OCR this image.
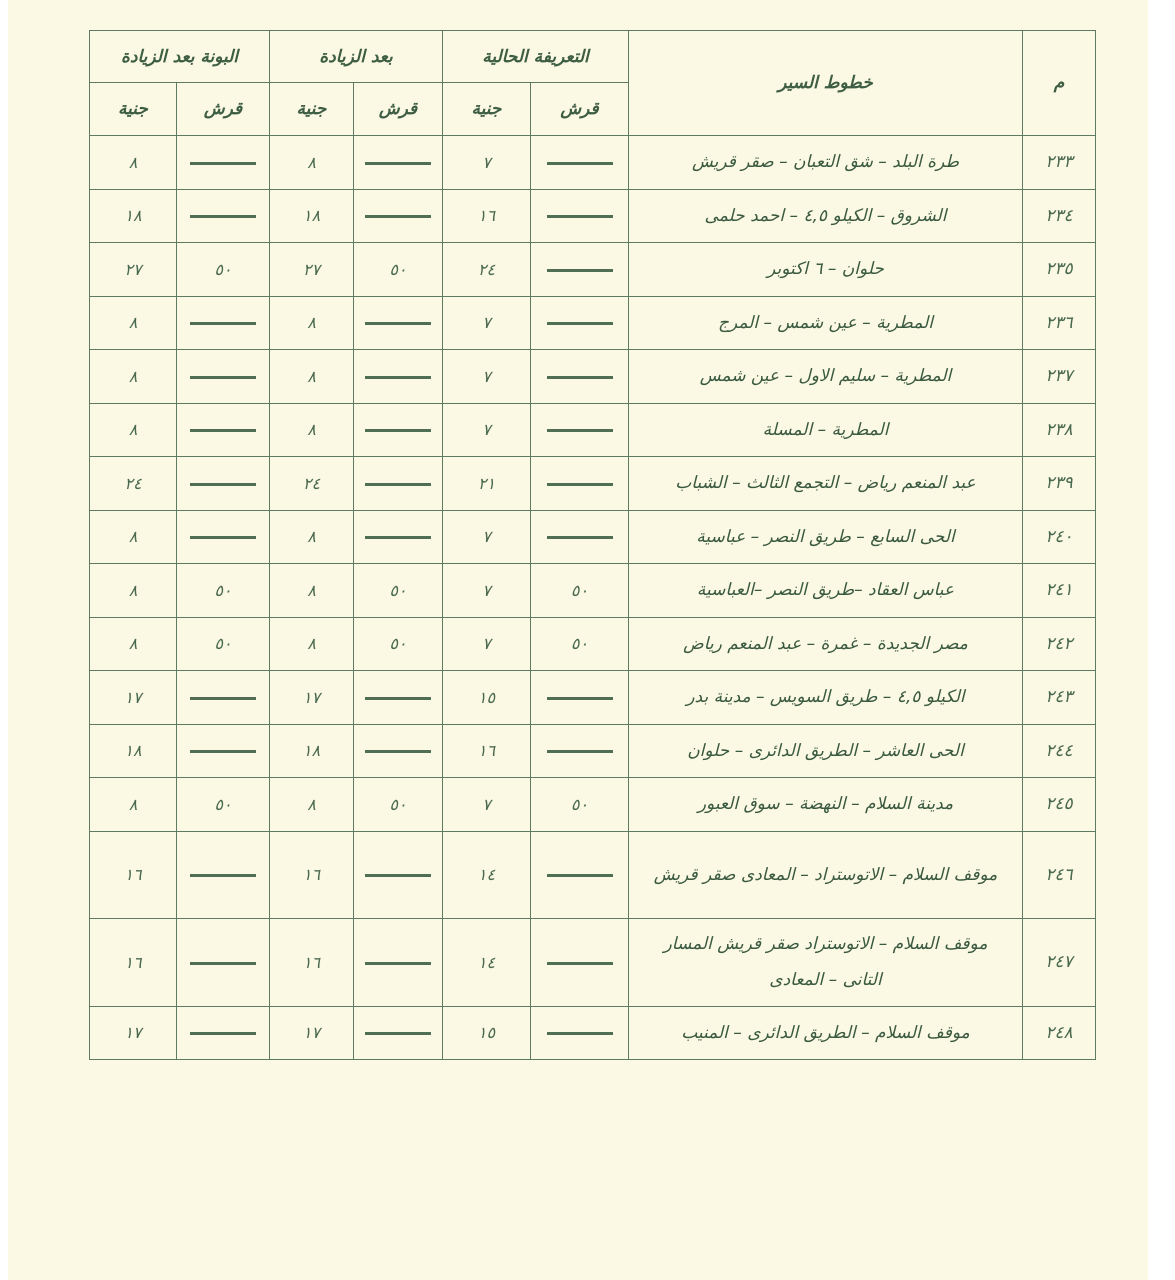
م	خطوط السير	التعريفة الحالية		بعد الزيادة		البونة بعد الزيادة	
		قرش	جنية	قرش	جنية	قرش	جنية
٢٣٣	طرة البلد – شق التعبان – صقر قريش		٧		٨		٨
٢٣٤	الشروق – الكيلو ٤,٥ – احمد حلمى		١٦		١٨		١٨
٢٣٥	حلوان – ٦ اكتوبر		٢٤	٥٠	٢٧	٥٠	٢٧
٢٣٦	المطرية – عين شمس – المرج		٧		٨		٨
٢٣٧	المطرية – سليم الاول – عين شمس		٧		٨		٨
٢٣٨	المطرية – المسلة		٧		٨		٨
٢٣٩	عبد المنعم رياض – التجمع الثالث – الشباب		٢١		٢٤		٢٤
٢٤٠	الحى السابع – طريق النصر – عباسية		٧		٨		٨
٢٤١	عباس العقاد –طريق النصر –العباسية	٥٠	٧	٥٠	٨	٥٠	٨
٢٤٢	مصر الجديدة – غمرة – عبد المنعم رياض	٥٠	٧	٥٠	٨	٥٠	٨
٢٤٣	الكيلو ٤,٥ – طريق السويس – مدينة بدر		١٥		١٧		١٧
٢٤٤	الحى العاشر – الطريق الدائرى – حلوان		١٦		١٨		١٨
٢٤٥	مدينة السلام – النهضة – سوق العبور	٥٠	٧	٥٠	٨	٥٠	٨
٢٤٦	موقف السلام – الاتوستراد – المعادى صقر قريش		١٤		١٦		١٦
٢٤٧	موقف السلام – الاتوستراد صقر قريش المسار التانى – المعادى		١٤		١٦		١٦
٢٤٨	موقف السلام – الطريق الدائرى – المنيب		١٥		١٧		١٧
